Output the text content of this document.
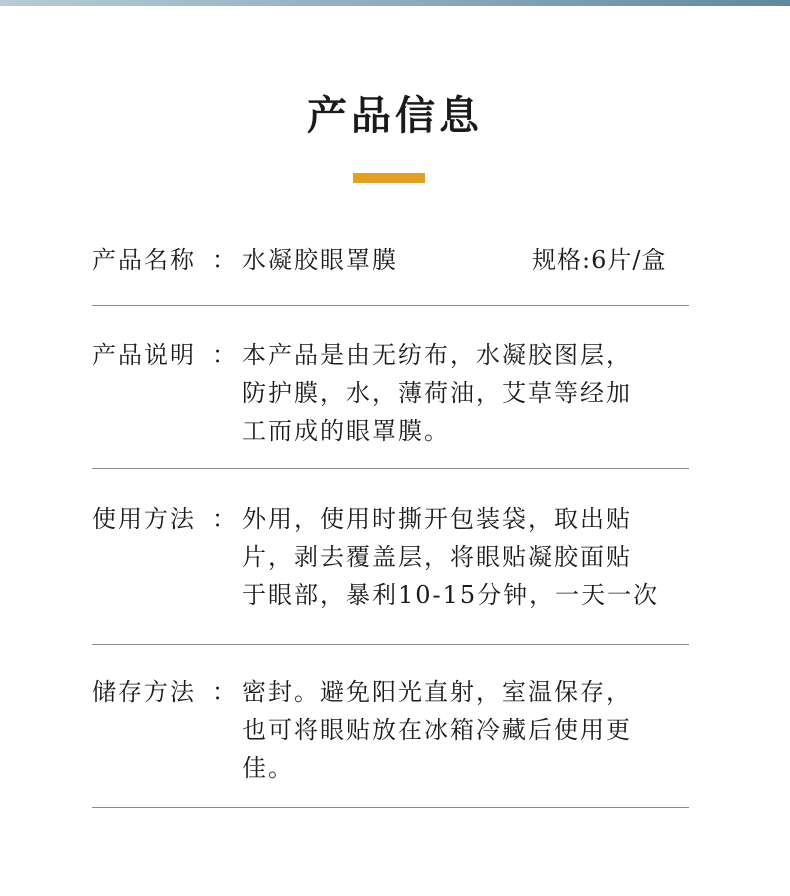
产品信息
产品名称 ： 水凝胶眼罩膜	规格:6片/盒
产品说明 ： 本产品是由无纺布，水凝胶图层，
防护膜，水，薄荷油，艾草等经加
工而成的眼罩膜。
使用方法 ： 外用，使用时撕开包装袋，取出贴
片，剥去覆盖层，将眼贴凝胶面贴
于眼部，暴利10-15分钟，一天一次
储存方法 ： 密封。避免阳光直射，室温保存，
也可将眼贴放在冰箱冷藏后使用更
佳。
